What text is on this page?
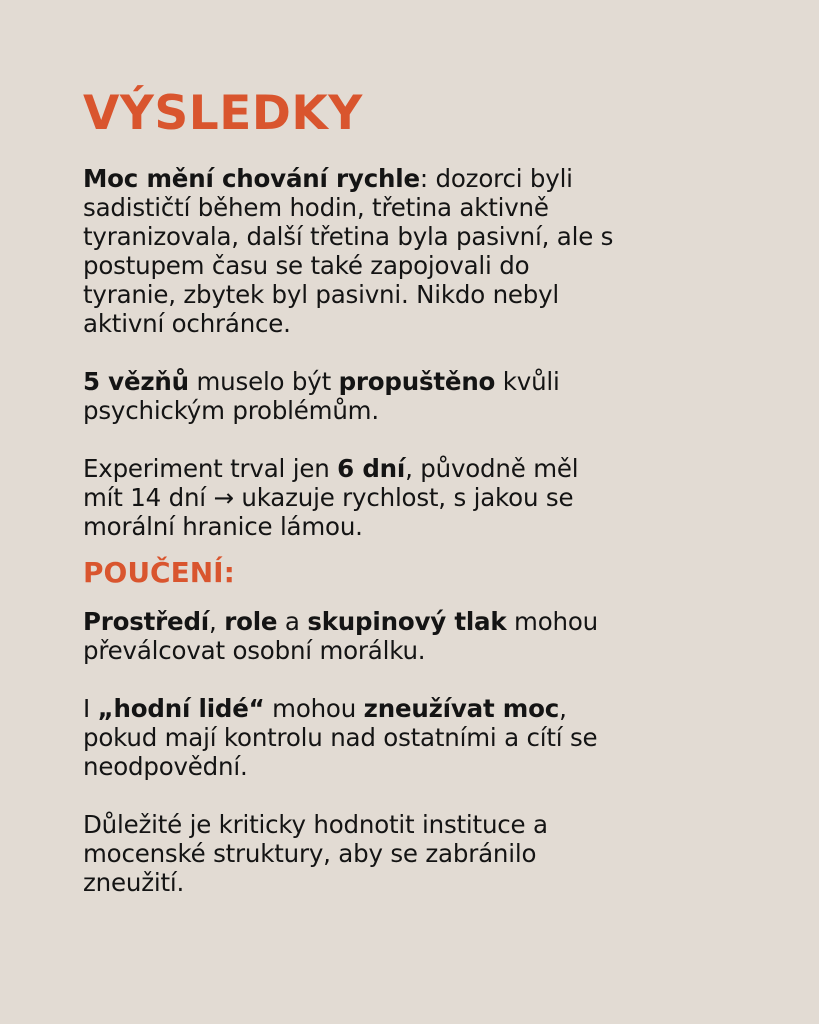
VÝSLEDKY

Moc mění chování rychle: dozorci byli
sadističtí během hodin, třetina aktivně
tyranizovala, další třetina byla pasivní, ale s
postupem času se také zapojovali do
tyranie, zbytek byl pasivni. Nikdo nebyl
aktivní ochránce.

5 vězňů muselo být propuštěno kvůli
psychickým problémům.

Experiment trval jen 6 dní, původně měl
mít 14 dní → ukazuje rychlost, s jakou se
morální hranice lámou.

POUČENÍ:

Prostředí, role a skupinový tlak mohou
převálcovat osobní morálku.

I „hodní lidé“ mohou zneužívat moc,
pokud mají kontrolu nad ostatními a cítí se
neodpovědní.

Důležité je kriticky hodnotit instituce a
mocenské struktury, aby se zabránilo
zneužití.
